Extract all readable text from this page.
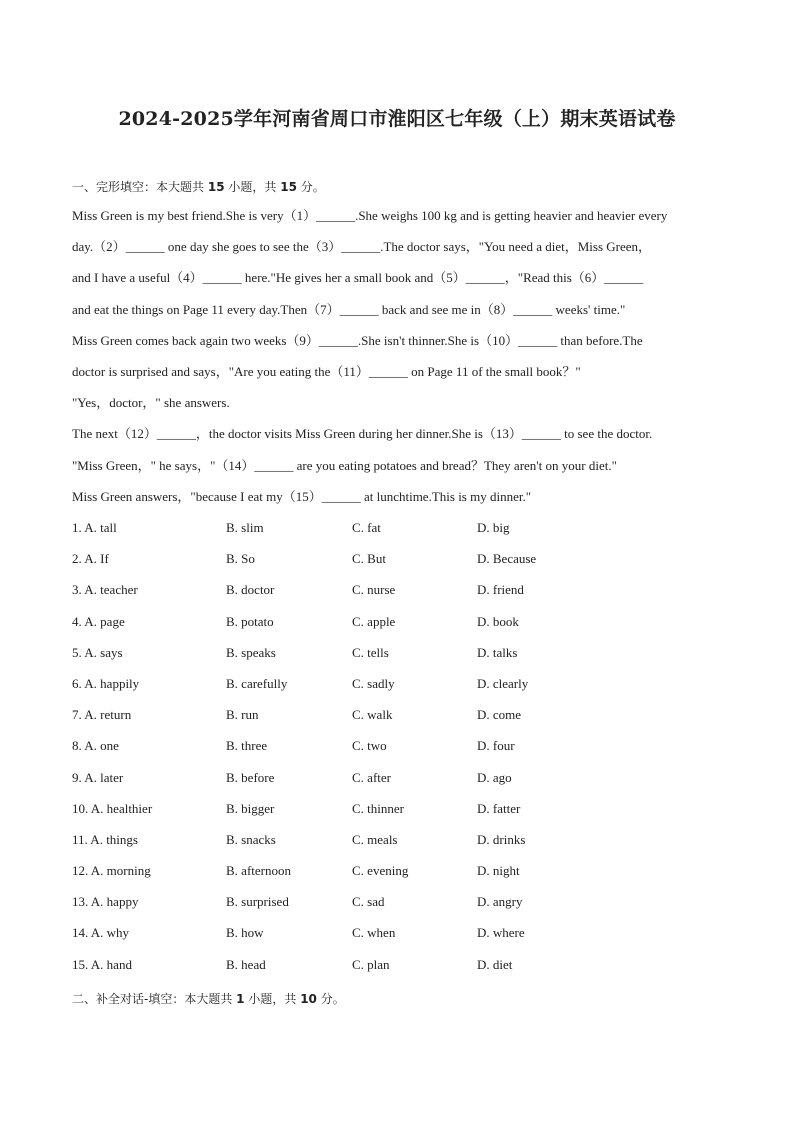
2024-2025学年河南省周口市淮阳区七年级（上）期末英语试卷
一、完形填空：本大题共 15 小题，共 15 分。
Miss Green is my best friend.She is very（1）______.She weighs 100 kg and is getting heavier and heavier every
day.（2）______ one day she goes to see the（3）______.The doctor says，"You need a diet，Miss Green，
and I have a useful（4）______ here."He gives her a small book and（5）______，"Read this（6）______
and eat the things on Page 11 every day.Then（7）______ back and see me in（8）______ weeks' time."
Miss Green comes back again two weeks（9）______.She isn't thinner.She is（10）______ than before.The
doctor is surprised and says，"Are you eating the（11）______ on Page 11 of the small book？"
"Yes，doctor，" she answers.
The next（12）______，the doctor visits Miss Green during her dinner.She is（13）______ to see the doctor.
"Miss Green，" he says，"（14）______ are you eating potatoes and bread？They aren't on your diet."
Miss Green answers，"because I eat my（15）______ at lunchtime.This is my dinner."
1. A. tall	B. slim	C. fat	D. big
2. A. If	B. So	C. But	D. Because
3. A. teacher	B. doctor	C. nurse	D. friend
4. A. page	B. potato	C. apple	D. book
5. A. says	B. speaks	C. tells	D. talks
6. A. happily	B. carefully	C. sadly	D. clearly
7. A. return	B. run	C. walk	D. come
8. A. one	B. three	C. two	D. four
9. A. later	B. before	C. after	D. ago
10. A. healthier	B. bigger	C. thinner	D. fatter
11. A. things	B. snacks	C. meals	D. drinks
12. A. morning	B. afternoon	C. evening	D. night
13. A. happy	B. surprised	C. sad	D. angry
14. A. why	B. how	C. when	D. where
15. A. hand	B. head	C. plan	D. diet
二、补全对话-填空：本大题共 1 小题，共 10 分。
